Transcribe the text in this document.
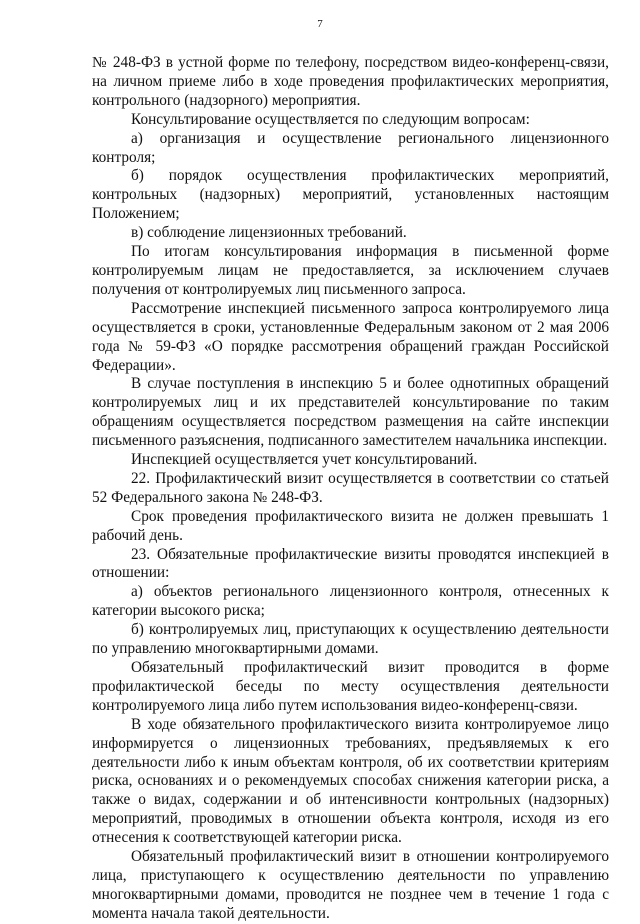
7

№ 248-ФЗ в устной форме по телефону, посредством видео-конференц-связи, на личном приеме либо в ходе проведения профилактических мероприятия, контрольного (надзорного) мероприятия.

Консультирование осуществляется по следующим вопросам:

а) организация и осуществление регионального лицензионного контроля;

б) порядок осуществления профилактических мероприятий, контрольных (надзорных) мероприятий, установленных настоящим Положением;

в) соблюдение лицензионных требований.

По итогам консультирования информация в письменной форме контролируемым лицам не предоставляется, за исключением случаев получения от контролируемых лиц письменного запроса.

Рассмотрение инспекцией письменного запроса контролируемого лица осуществляется в сроки, установленные Федеральным законом от 2 мая 2006 года № 59-ФЗ «О порядке рассмотрения обращений граждан Российской Федерации».

В случае поступления в инспекцию 5 и более однотипных обращений контролируемых лиц и их представителей консультирование по таким обращениям осуществляется посредством размещения на сайте инспекции письменного разъяснения, подписанного заместителем начальника инспекции.

Инспекцией осуществляется учет консультирований.

22. Профилактический визит осуществляется в соответствии со статьей 52 Федерального закона № 248-ФЗ.

Срок проведения профилактического визита не должен превышать 1 рабочий день.

23. Обязательные профилактические визиты проводятся инспекцией в отношении:

а) объектов регионального лицензионного контроля, отнесенных к категории высокого риска;

б) контролируемых лиц, приступающих к осуществлению деятельности по управлению многоквартирными домами.

Обязательный профилактический визит проводится в форме профилактической беседы по месту осуществления деятельности контролируемого лица либо путем использования видео-конференц-связи.

В ходе обязательного профилактического визита контролируемое лицо информируется о лицензионных требованиях, предъявляемых к его деятельности либо к иным объектам контроля, об их соответствии критериям риска, основаниях и о рекомендуемых способах снижения категории риска, а также о видах, содержании и об интенсивности контрольных (надзорных) мероприятий, проводимых в отношении объекта контроля, исходя из его отнесения к соответствующей категории риска.

Обязательный профилактический визит в отношении контролируемого лица, приступающего к осуществлению деятельности по управлению многоквартирными домами, проводится не позднее чем в течение 1 года с момента начала такой деятельности.
